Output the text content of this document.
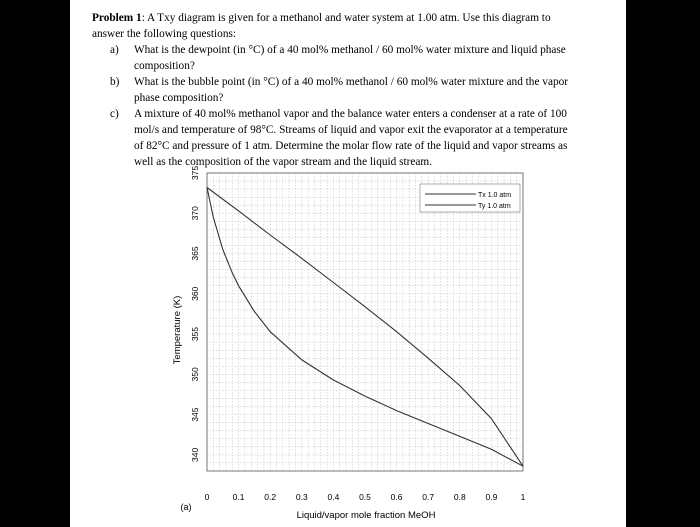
Problem 1: A Txy diagram is given for a methanol and water system at 1.00 atm. Use this diagram to
answer the following questions:
a) What is the dewpoint (in °C) of a 40 mol% methanol / 60 mol% water mixture and liquid phase
composition?
b) What is the bubble point (in °C) of a 40 mol% methanol / 60 mol% water mixture and the vapor
phase composition?
c) A mixture of 40 mol% methanol vapor and the balance water enters a condenser at a rate of 100
mol/s and temperature of 98°C. Streams of liquid and vapor exit the evaporator at a temperature
of 82°C and pressure of 1 atm. Determine the molar flow rate of the liquid and vapor streams as
well as the composition of the vapor stream and the liquid stream.
0	0.1 0.2 0.3 0.4 0.5 0.6 0.7 0.8 0.9	1
340
345
350
355
360
365
370
375
Tx 1.0 atm
Ty 1.0 atm
Temperature (K)
Liquid/vapor mole fraction MeOH
(a)
